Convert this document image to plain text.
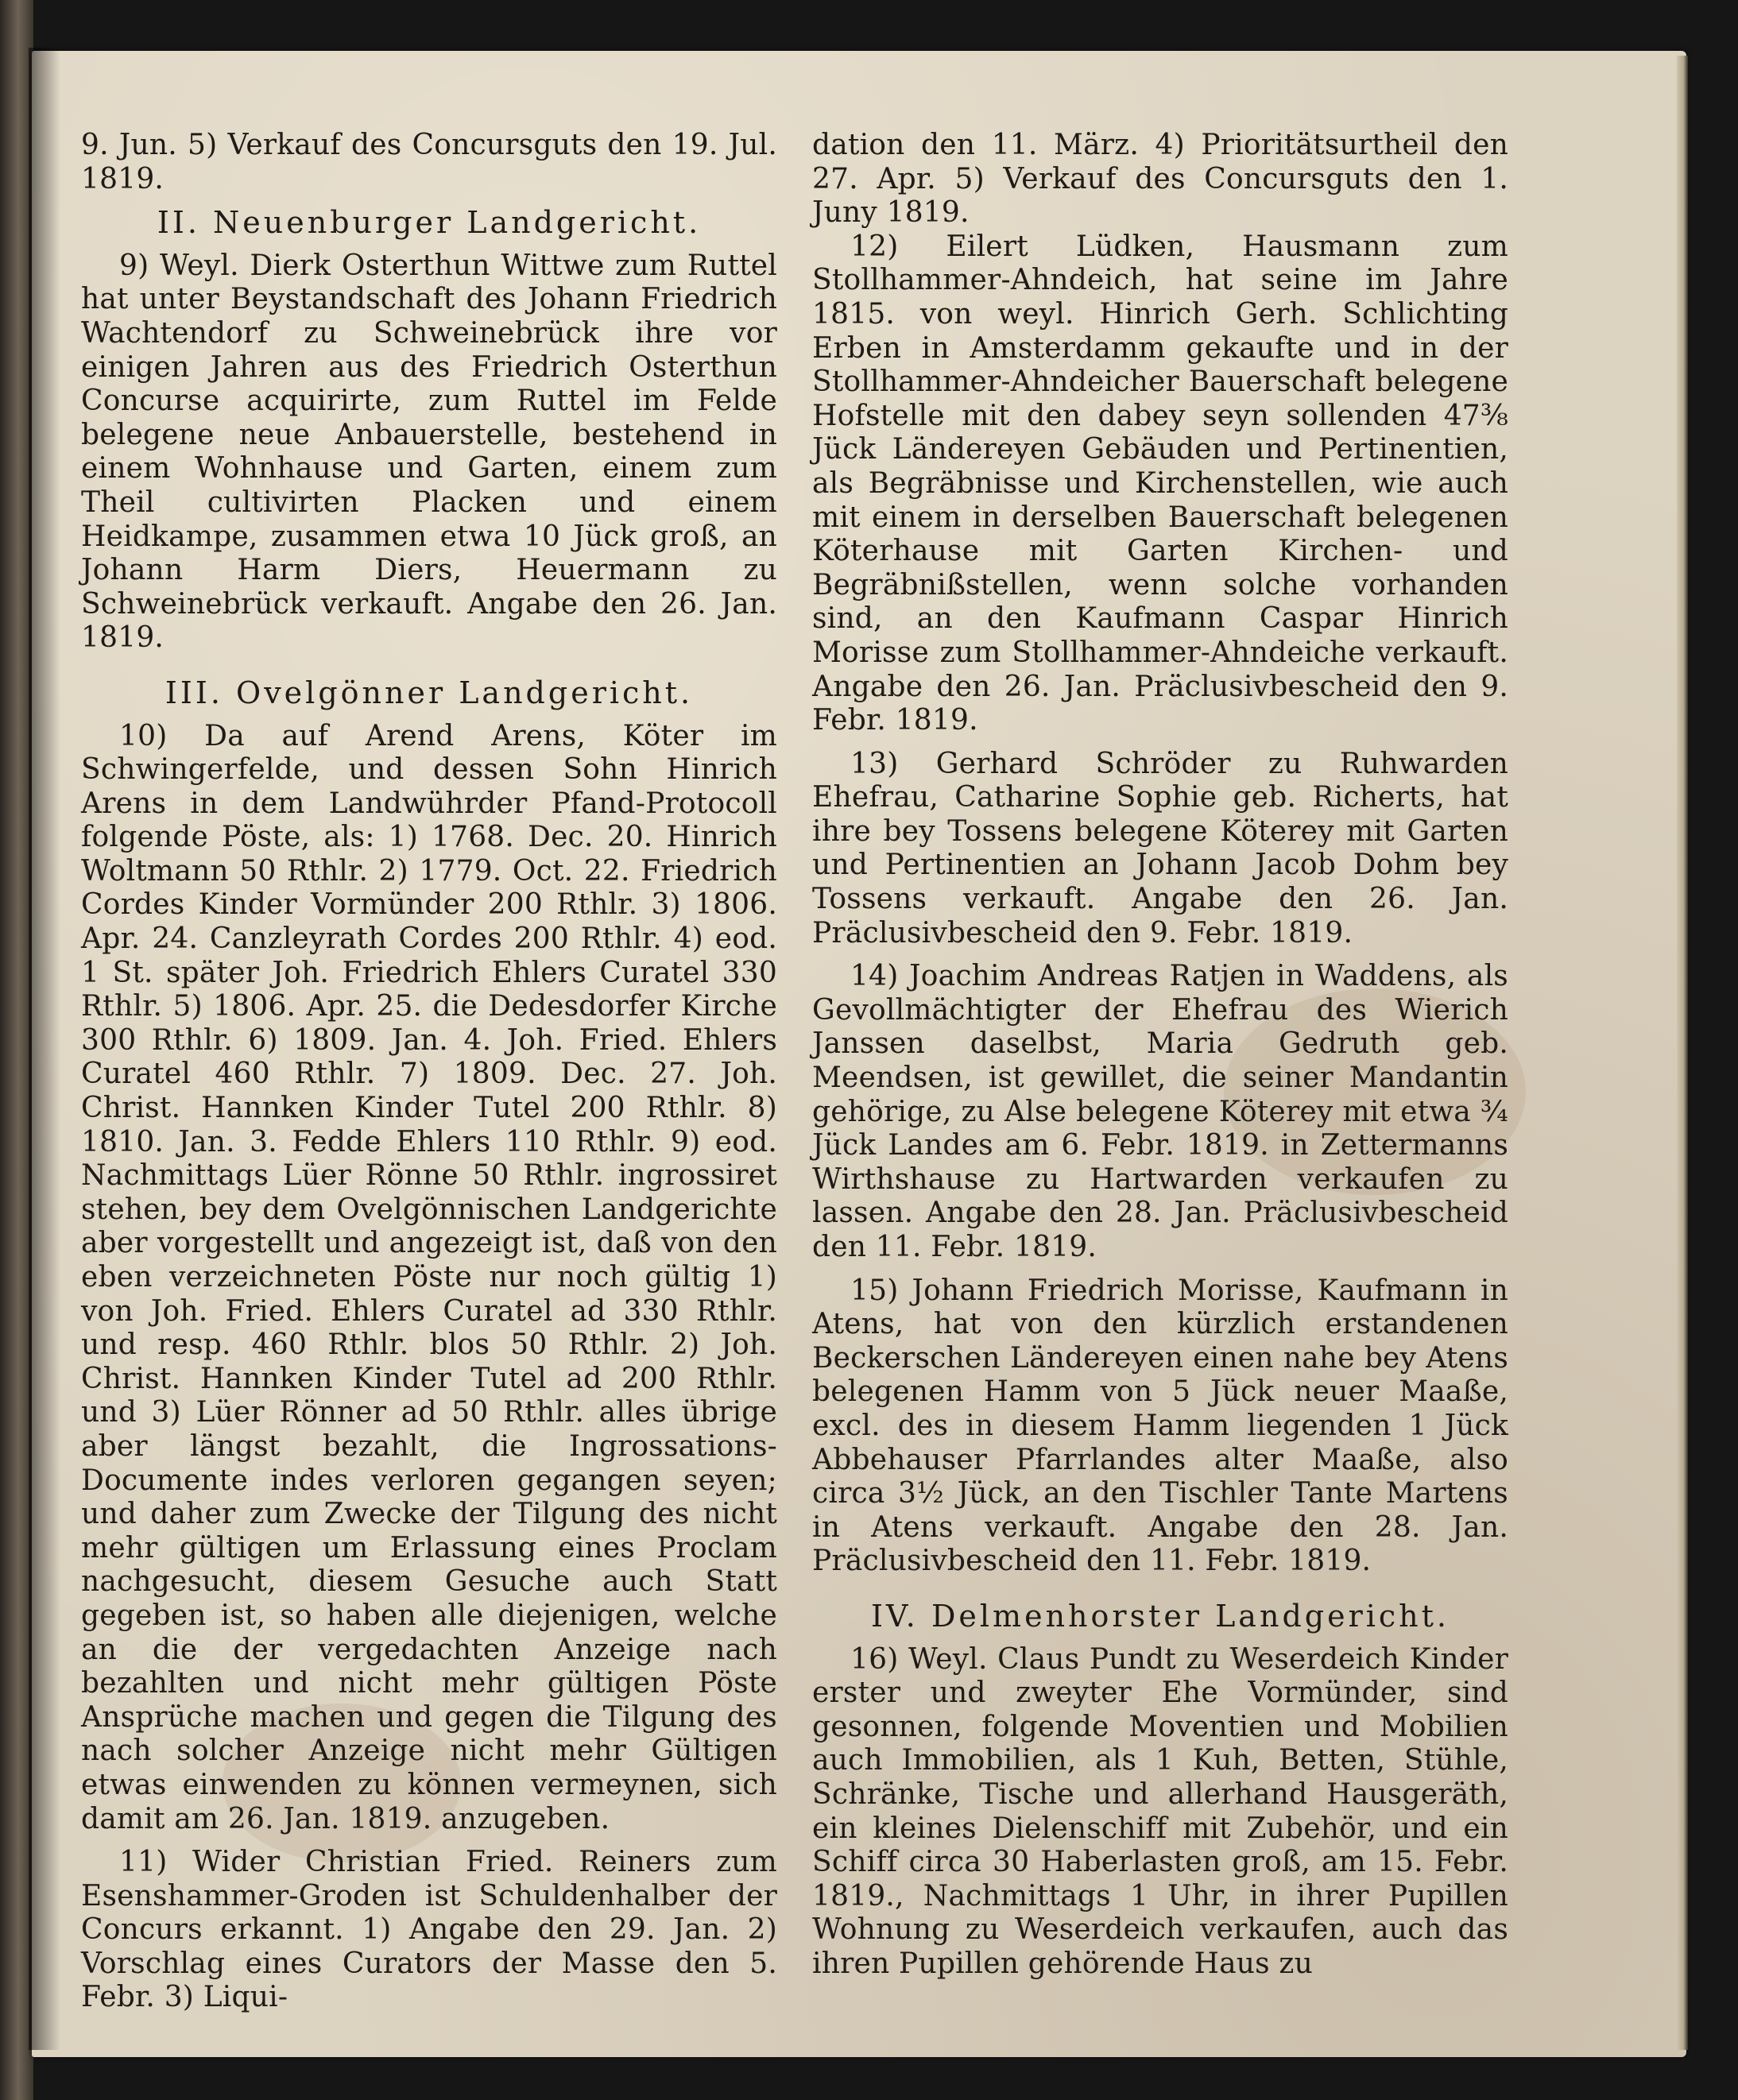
9. Jun. 5) Verkauf des Concursguts den 19. Jul. 1819.

II. Neuenburger Landgericht.

9) Weyl. Dierk Osterthun Wittwe zum Ruttel hat unter Beystandschaft des Johann Friedrich Wachtendorf zu Schweinebrück ihre vor einigen Jahren aus des Friedrich Osterthun Concurse acquirirte, zum Ruttel im Felde belegene neue Anbauerstelle, bestehend in einem Wohnhause und Garten, einem zum Theil cultivirten Placken und einem Heidkampe, zusammen etwa 10 Jück groß, an Johann Harm Diers, Heuermann zu Schweinebrück verkauft. Angabe den 26. Jan. 1819.

III. Ovelgönner Landgericht.

10) Da auf Arend Arens, Köter im Schwingerfelde, und dessen Sohn Hinrich Arens in dem Landwührder Pfand-Protocoll folgende Pöste, als: 1) 1768. Dec. 20. Hinrich Woltmann 50 Rthlr. 2) 1779. Oct. 22. Friedrich Cordes Kinder Vormünder 200 Rthlr. 3) 1806. Apr. 24. Canzleyrath Cordes 200 Rthlr. 4) eod. 1 St. später Joh. Friedrich Ehlers Curatel 330 Rthlr. 5) 1806. Apr. 25. die Dedesdorfer Kirche 300 Rthlr. 6) 1809. Jan. 4. Joh. Fried. Ehlers Curatel 460 Rthlr. 7) 1809. Dec. 27. Joh. Christ. Hannken Kinder Tutel 200 Rthlr. 8) 1810. Jan. 3. Fedde Ehlers 110 Rthlr. 9) eod. Nachmittags Lüer Rönne 50 Rthlr. ingrossiret stehen, bey dem Ovelgönnischen Landgerichte aber vorgestellt und angezeigt ist, daß von den eben verzeichneten Pöste nur noch gültig 1) von Joh. Fried. Ehlers Curatel ad 330 Rthlr. und resp. 460 Rthlr. blos 50 Rthlr. 2) Joh. Christ. Hannken Kinder Tutel ad 200 Rthlr. und 3) Lüer Rönner ad 50 Rthlr. alles übrige aber längst bezahlt, die Ingrossations-Documente indes verloren gegangen seyen; und daher zum Zwecke der Tilgung des nicht mehr gültigen um Erlassung eines Proclam nachgesucht, diesem Gesuche auch Statt gegeben ist, so haben alle diejenigen, welche an die der vergedachten Anzeige nach bezahlten und nicht mehr gültigen Pöste Ansprüche machen und gegen die Tilgung des nach solcher Anzeige nicht mehr Gültigen etwas einwenden zu können vermeynen, sich damit am 26. Jan. 1819. anzugeben.

11) Wider Christian Fried. Reiners zum Esenshammer-Groden ist Schuldenhalber der Concurs erkannt. 1) Angabe den 29. Jan. 2) Vorschlag eines Curators der Masse den 5. Febr. 3) Liqui-

dation den 11. März. 4) Prioritätsurtheil den 27. Apr. 5) Verkauf des Concursguts den 1. Juny 1819.

12) Eilert Lüdken, Hausmann zum Stollhammer-Ahndeich, hat seine im Jahre 1815. von weyl. Hinrich Gerh. Schlichting Erben in Amsterdamm gekaufte und in der Stollhammer-Ahndeicher Bauerschaft belegene Hofstelle mit den dabey seyn sollenden 47⅜ Jück Ländereyen Gebäuden und Pertinentien, als Begräbnisse und Kirchenstellen, wie auch mit einem in derselben Bauerschaft belegenen Köterhause mit Garten Kirchen- und Begräbnißstellen, wenn solche vorhanden sind, an den Kaufmann Caspar Hinrich Morisse zum Stollhammer-Ahndeiche verkauft. Angabe den 26. Jan. Präclusivbescheid den 9. Febr. 1819.

13) Gerhard Schröder zu Ruhwarden Ehefrau, Catharine Sophie geb. Richerts, hat ihre bey Tossens belegene Köterey mit Garten und Pertinentien an Johann Jacob Dohm bey Tossens verkauft. Angabe den 26. Jan. Präclusivbescheid den 9. Febr. 1819.

14) Joachim Andreas Ratjen in Waddens, als Gevollmächtigter der Ehefrau des Wierich Janssen daselbst, Maria Gedruth geb. Meendsen, ist gewillet, die seiner Mandantin gehörige, zu Alse belegene Köterey mit etwa ¾ Jück Landes am 6. Febr. 1819. in Zettermanns Wirthshause zu Hartwarden verkaufen zu lassen. Angabe den 28. Jan. Präclusivbescheid den 11. Febr. 1819.

15) Johann Friedrich Morisse, Kaufmann in Atens, hat von den kürzlich erstandenen Beckerschen Ländereyen einen nahe bey Atens belegenen Hamm von 5 Jück neuer Maaße, excl. des in diesem Hamm liegenden 1 Jück Abbehauser Pfarrlandes alter Maaße, also circa 3½ Jück, an den Tischler Tante Martens in Atens verkauft. Angabe den 28. Jan. Präclusivbescheid den 11. Febr. 1819.

IV. Delmenhorster Landgericht.

16) Weyl. Claus Pundt zu Weserdeich Kinder erster und zweyter Ehe Vormünder, sind gesonnen, folgende Moventien und Mobilien auch Immobilien, als 1 Kuh, Betten, Stühle, Schränke, Tische und allerhand Hausgeräth, ein kleines Dielenschiff mit Zubehör, und ein Schiff circa 30 Haberlasten groß, am 15. Febr. 1819., Nachmittags 1 Uhr, in ihrer Pupillen Wohnung zu Weserdeich verkaufen, auch das ihren Pupillen gehörende Haus zu
